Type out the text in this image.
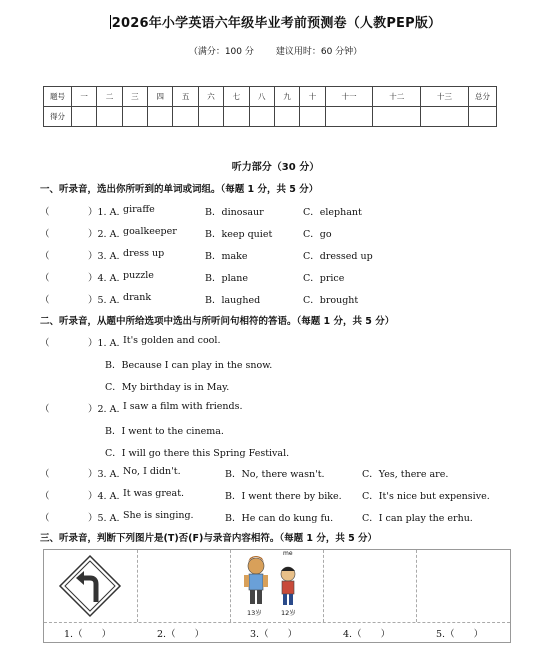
2026年小学英语六年级毕业考前预测卷（人教PEP版）
（满分：100 分 建议用时：60 分钟）
题号	一	二	三	四	五	六	七	八	九	十	十一	十二	十三	总分
得分														
听力部分（30 分）
一、听录音，选出你所听到的单词或词组。（每题 1 分，共 5 分）
（	）1. A. giraffe	B．dinosaur	C．elephant
（	）2. A. goalkeeper	B．keep quiet	C．go
（	）3. A. dress up	B．make	C．dressed up
（	）4. A. puzzle	B．plane	C．price
（	）5. A. drank	B．laughed	C．brought
二、听录音，从题中所给选项中选出与所听问句相符的答语。（每题 1 分，共 5 分）
（	）1. A. It's golden and cool.
B．Because I can play in the snow.
C．My birthday is in May.
（	）2. A. I saw a film with friends.
B．I went to the cinema.
C．I will go there this Spring Festival.
（	）3. A. No, I didn't.	B．No, there wasn't.	C．Yes, there are.
（	）4. A. It was great.	B．I went there by bike. C．It's nice but expensive.
（	）5. A. She is singing.	B．He can do kung fu.	C．I can play the erhu.
三、听录音，判断下列图片是(T)否(F)与录音内容相符。（每题 1 分，共 5 分）
me
13岁	12岁
1.（　　）	2.（　　）	3.（　　）	4.（　　）	5.（　　）
